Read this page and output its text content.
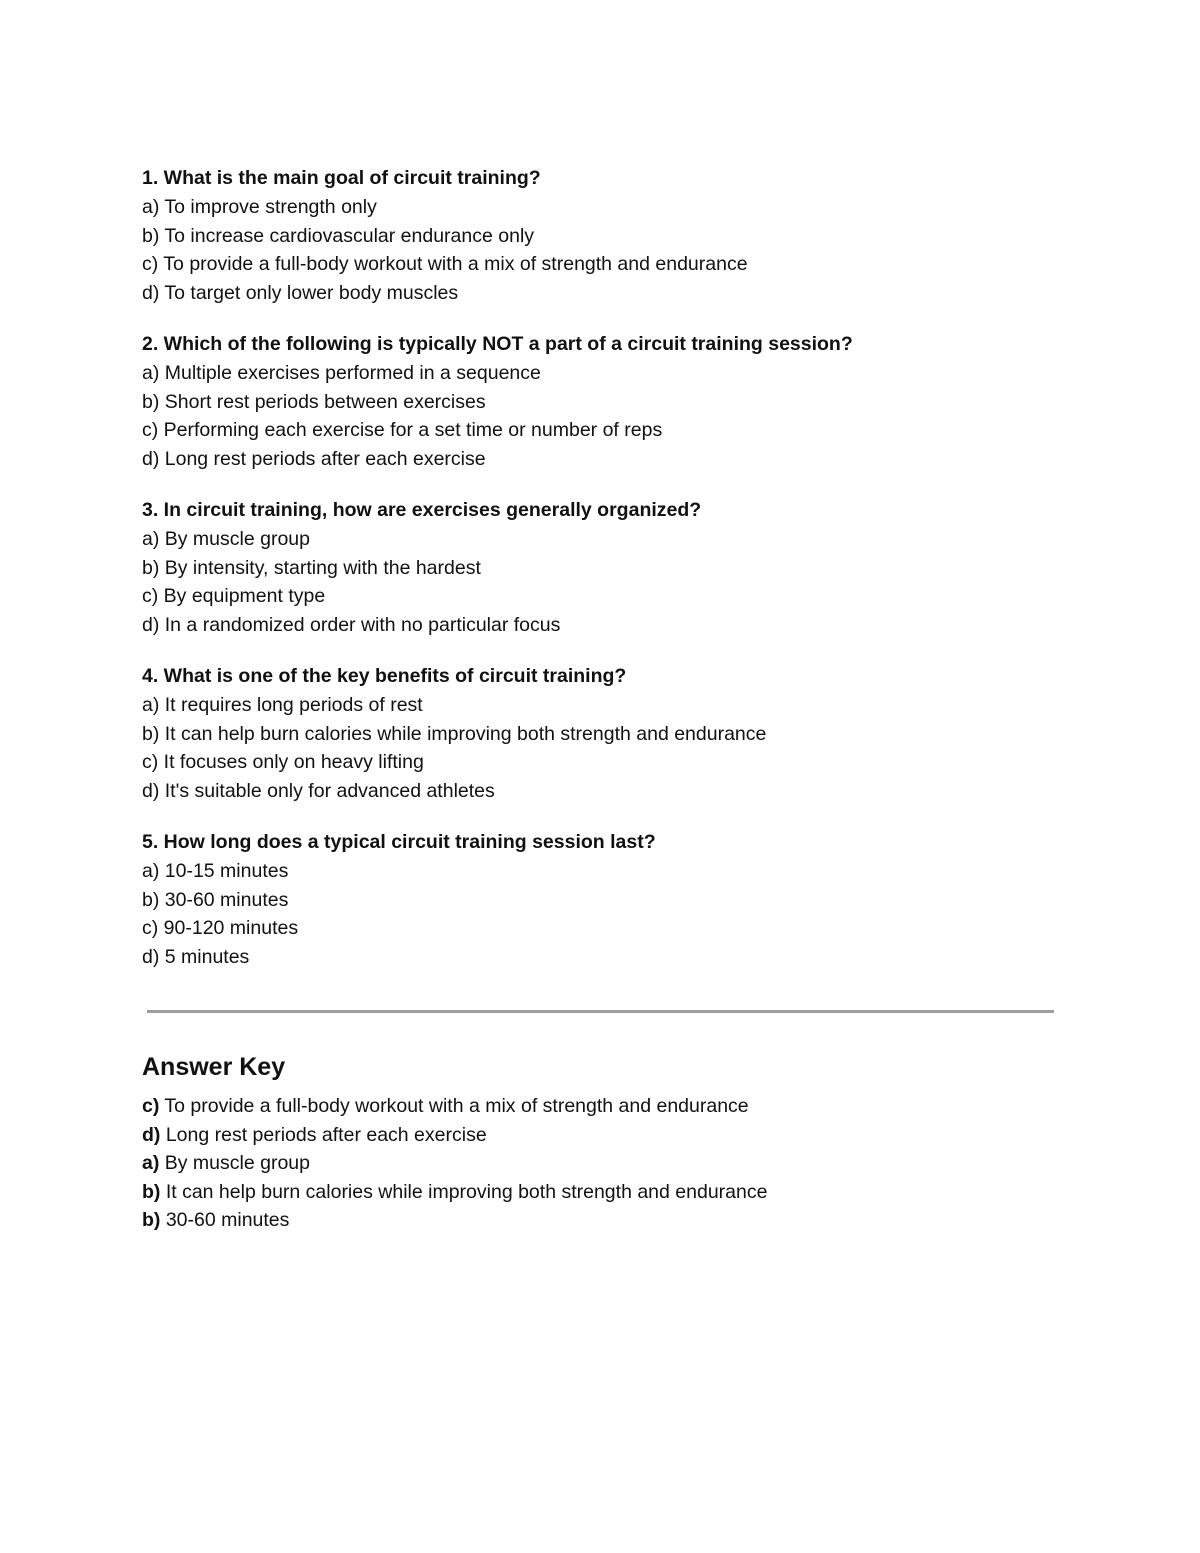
1. What is the main goal of circuit training?

a) To improve strength only

b) To increase cardiovascular endurance only

c) To provide a full-body workout with a mix of strength and endurance

d) To target only lower body muscles

2. Which of the following is typically NOT a part of a circuit training session?

a) Multiple exercises performed in a sequence

b) Short rest periods between exercises

c) Performing each exercise for a set time or number of reps

d) Long rest periods after each exercise

3. In circuit training, how are exercises generally organized?

a) By muscle group

b) By intensity, starting with the hardest

c) By equipment type

d) In a randomized order with no particular focus

4. What is one of the key benefits of circuit training?

a) It requires long periods of rest

b) It can help burn calories while improving both strength and endurance

c) It focuses only on heavy lifting

d) It's suitable only for advanced athletes

5. How long does a typical circuit training session last?

a) 10-15 minutes

b) 30-60 minutes

c) 90-120 minutes

d) 5 minutes

Answer Key

c) To provide a full-body workout with a mix of strength and endurance

d) Long rest periods after each exercise

a) By muscle group

b) It can help burn calories while improving both strength and endurance

b) 30-60 minutes
